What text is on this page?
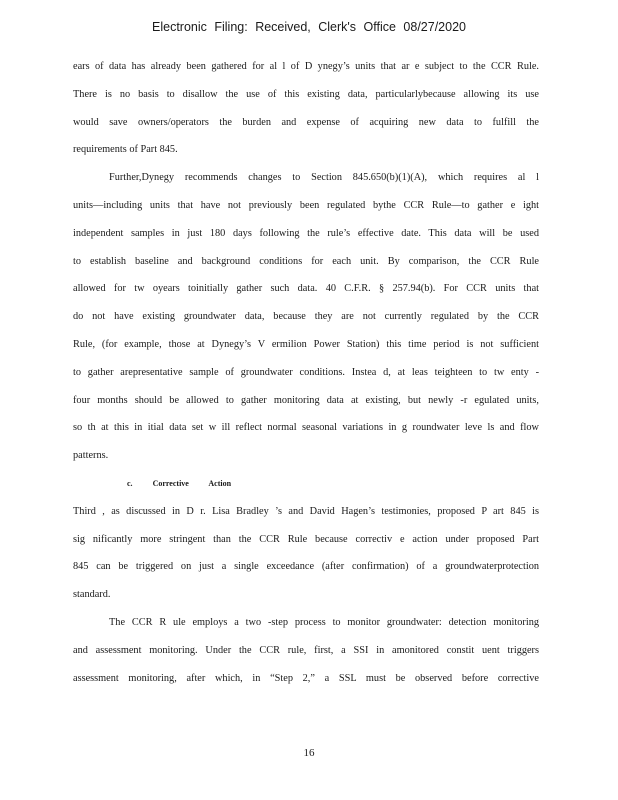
Electronic Filing: Received, Clerk's Office 08/27/2020
ears of data has already been gathered for al l of D ynegy’s units that ar e subject to the CCR Rule.
There is no basis to disallow the use of this existing data, particularlybecause allowing its use
would save owners/operators the burden and expense of acquiring new data to fulfill the
requirements of Part 845.
Further,Dynegy recommends changes to Section 845.650(b)(1)(A), which requires al l
units—including units that have not previously been regulated bythe CCR Rule—to gather e ight
independent samples in just 180 days following the rule’s effective date. This data will be used
to establish baseline and background conditions for each unit. By comparison, the CCR Rule
allowed for tw oyears toinitially gather such data. 40 C.F.R. § 257.94(b). For CCR units that
do not have existing groundwater data, because they are not currently regulated by the CCR
Rule, (for example, those at Dynegy’s V ermilion Power Station) this time period is not sufficient
to gather arepresentative sample of groundwater conditions. Instea d, at leas teighteen to tw enty -
four months should be allowed to gather monitoring data at existing, but newly -r egulated units,
so th at this in itial data set w ill reflect normal seasonal variations in g roundwater leve ls and flow
patterns.
c.	Corrective Action
Third , as discussed in D r. Lisa Bradley ’s and David Hagen’s testimonies, proposed P art 845 is
sig nificantly more stringent than the CCR Rule because correctiv e action under proposed Part
845 can be triggered on just a single exceedance (after confirmation) of a groundwaterprotection
standard.
The CCR R ule employs a two -step process to monitor groundwater: detection monitoring
and assessment monitoring. Under the CCR rule, first, a SSI in amonitored constit uent triggers
assessment monitoring, after which, in “Step 2,” a SSL must be observed before corrective
16
